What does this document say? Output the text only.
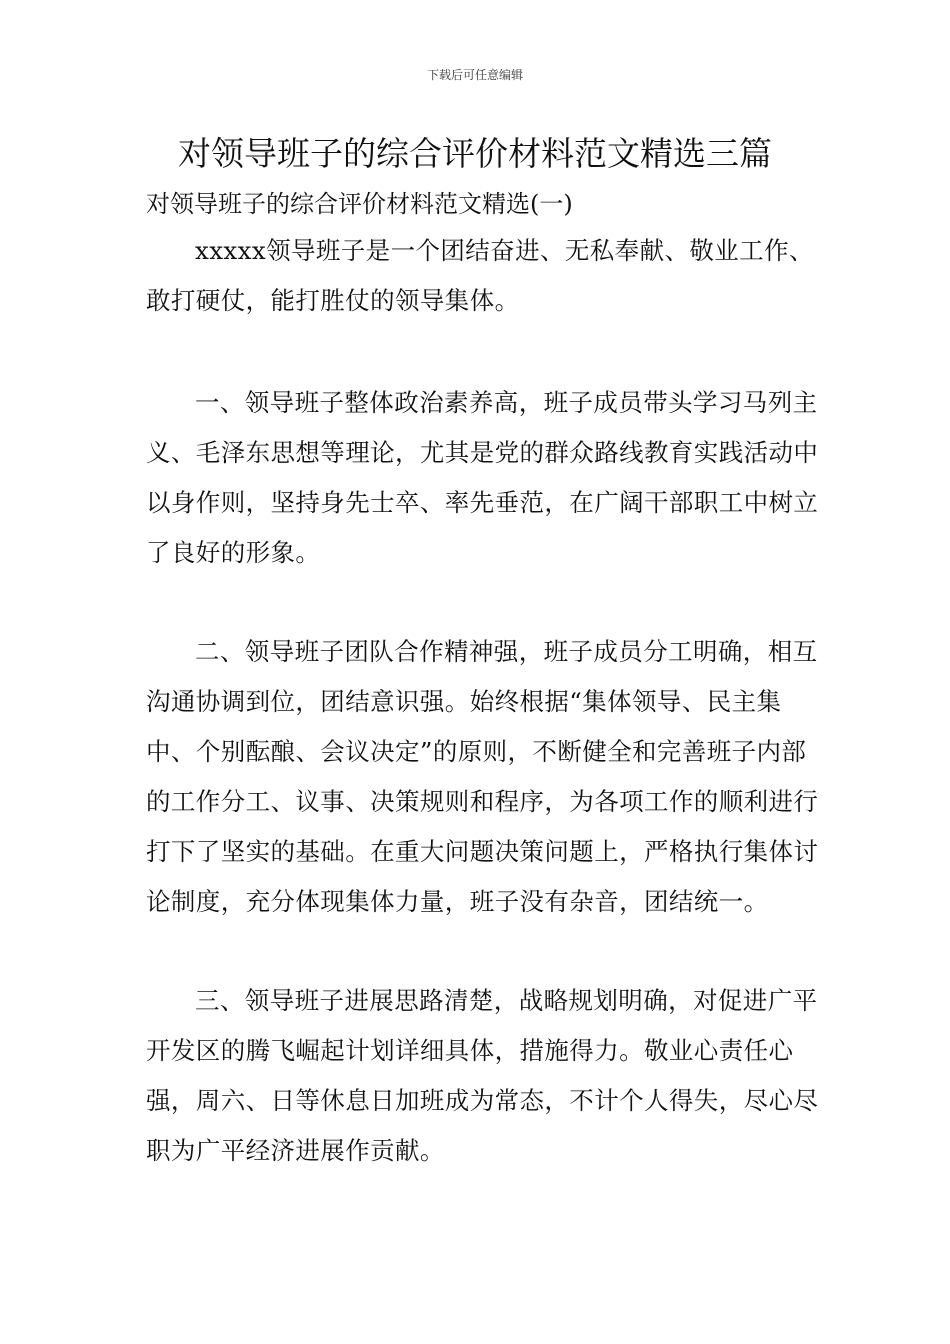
下载后可任意编辑
对领导班子的综合评价材料范文精选三篇

对领导班子的综合评价材料范文精选(一)

xxxxx领导班子是一个团结奋进、无私奉献、敬业工作、敢打硬仗，能打胜仗的领导集体。

一、领导班子整体政治素养高，班子成员带头学习马列主义、毛泽东思想等理论，尤其是党的群众路线教育实践活动中以身作则，坚持身先士卒、率先垂范，在广阔干部职工中树立了良好的形象。

二、领导班子团队合作精神强，班子成员分工明确，相互沟通协调到位，团结意识强。始终根据“集体领导、民主集中、个别酝酿、会议决定”的原则，不断健全和完善班子内部的工作分工、议事、决策规则和程序，为各项工作的顺利进行打下了坚实的基础。在重大问题决策问题上，严格执行集体讨论制度，充分体现集体力量，班子没有杂音，团结统一。

三、领导班子进展思路清楚，战略规划明确，对促进广平开发区的腾飞崛起计划详细具体，措施得力。敬业心责任心强，周六、日等休息日加班成为常态，不计个人得失，尽心尽职为广平经济进展作贡献。
